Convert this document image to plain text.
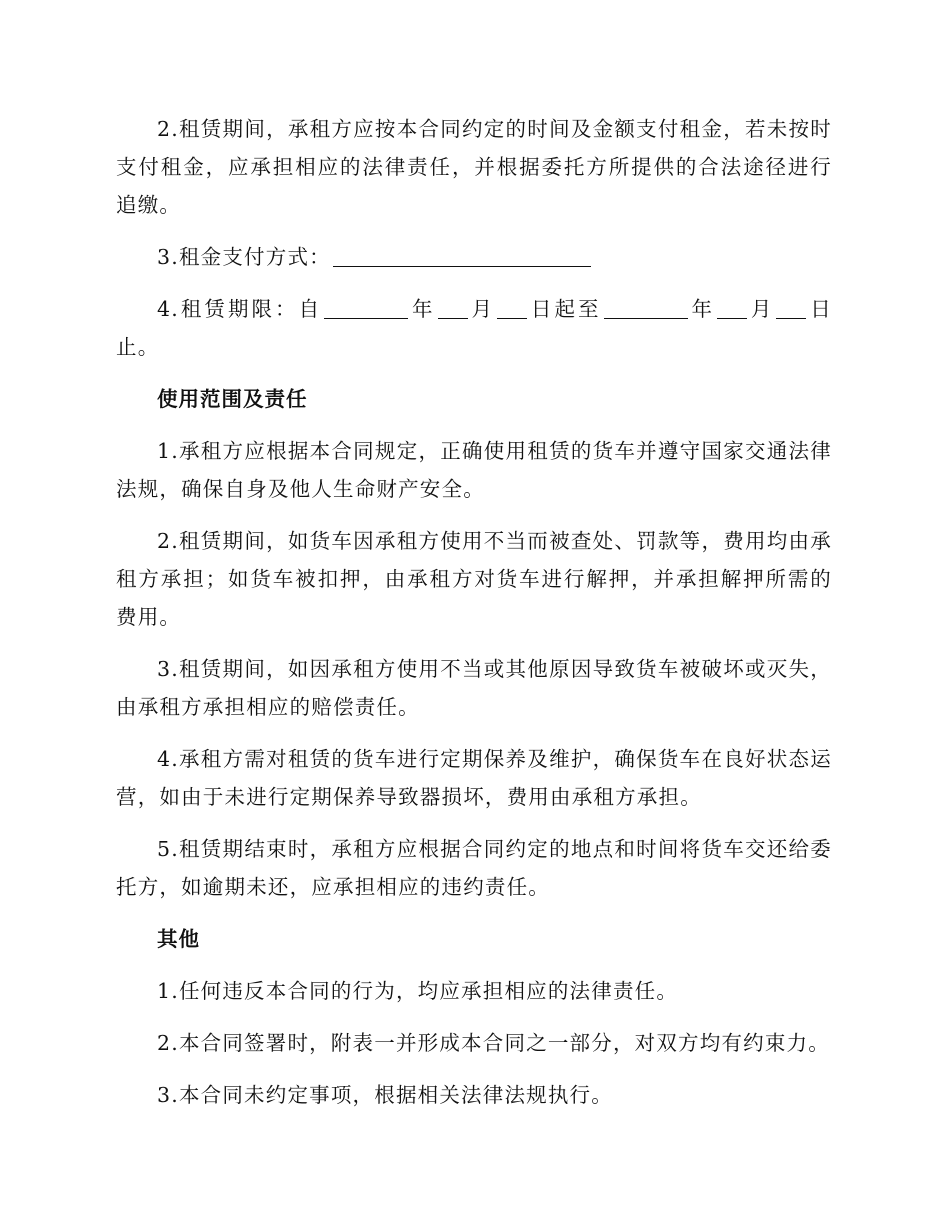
2.租赁期间，承租方应按本合同约定的时间及金额支付租金，若未按时支付租金，应承担相应的法律责任，并根据委托方所提供的合法途径进行追缴。

3.租金支付方式：

4.租赁期限：自	年 月 日起至	年 月 日止。

使用范围及责任

1.承租方应根据本合同规定，正确使用租赁的货车并遵守国家交通法律法规，确保自身及他人生命财产安全。

2.租赁期间，如货车因承租方使用不当而被查处、罚款等，费用均由承租方承担；如货车被扣押，由承租方对货车进行解押，并承担解押所需的费用。

3.租赁期间，如因承租方使用不当或其他原因导致货车被破坏或灭失，由承租方承担相应的赔偿责任。

4.承租方需对租赁的货车进行定期保养及维护，确保货车在良好状态运营，如由于未进行定期保养导致器损坏，费用由承租方承担。

5.租赁期结束时，承租方应根据合同约定的地点和时间将货车交还给委托方，如逾期未还，应承担相应的违约责任。

其他

1.任何违反本合同的行为，均应承担相应的法律责任。

2.本合同签署时，附表一并形成本合同之一部分，对双方均有约束力。

3.本合同未约定事项，根据相关法律法规执行。
